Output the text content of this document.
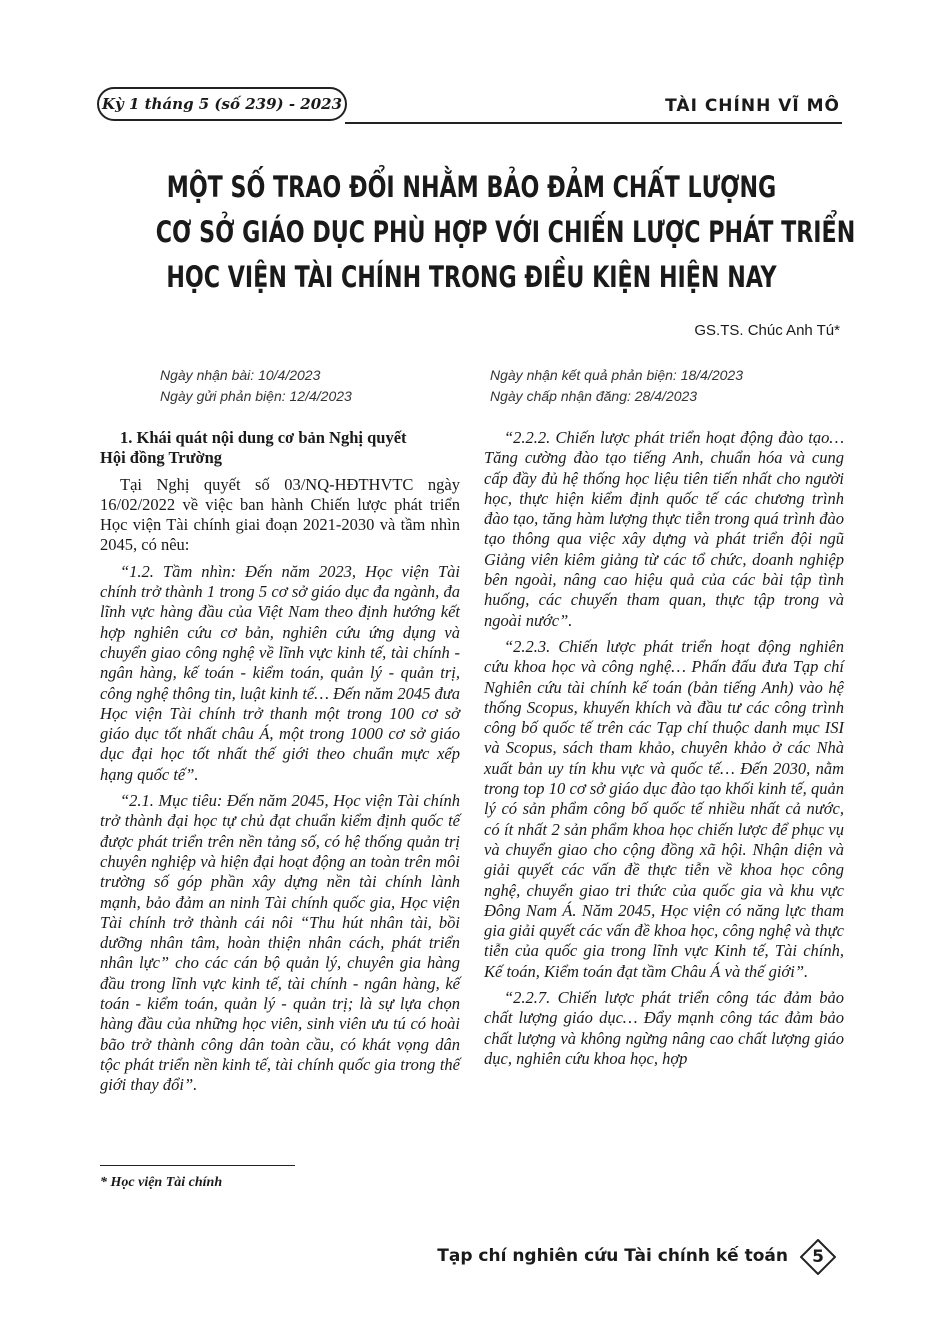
Kỳ 1 tháng 5 (số 239) - 2023	TÀI CHÍNH VĨ MÔ
MỘT SỐ TRAO ĐỔI NHẰM BẢO ĐẢM CHẤT LƯỢNG
CƠ SỞ GIÁO DỤC PHÙ HỢP VỚI CHIẾN LƯỢC PHÁT TRIỂN
HỌC VIỆN TÀI CHÍNH TRONG ĐIỀU KIỆN HIỆN NAY
GS.TS. Chúc Anh Tú*
Ngày nhận bài: 10/4/2023
Ngày gửi phản biện: 12/4/2023
Ngày nhận kết quả phản biện: 18/4/2023
Ngày chấp nhận đăng: 28/4/2023
1. Khái quát nội dung cơ bản Nghị quyết
Hội đồng Trường

Tại Nghị quyết số 03/NQ-HĐTHVTC ngày 16/02/2022 về việc ban hành Chiến lược phát triển Học viện Tài chính giai đoạn 2021-2030 và tầm nhìn 2045, có nêu:

“1.2. Tầm nhìn: Đến năm 2023, Học viện Tài chính trở thành 1 trong 5 cơ sở giáo dục đa ngành, đa lĩnh vực hàng đầu của Việt Nam theo định hướng kết hợp nghiên cứu cơ bản, nghiên cứu ứng dụng và chuyển giao công nghệ về lĩnh vực kinh tế, tài chính - ngân hàng, kế toán - kiểm toán, quản lý - quản trị, công nghệ thông tin, luật kinh tế… Đến năm 2045 đưa Học viện Tài chính trở thanh một trong 100 cơ sở giáo dục tốt nhất châu Á, một trong 1000 cơ sở giáo dục đại học tốt nhất thế giới theo chuẩn mực xếp hạng quốc tế”.

“2.1. Mục tiêu: Đến năm 2045, Học viện Tài chính trở thành đại học tự chủ đạt chuẩn kiểm định quốc tế được phát triển trên nền tảng số, có hệ thống quản trị chuyên nghiệp và hiện đại hoạt động an toàn trên môi trường số góp phần xây dựng nền tài chính lành mạnh, bảo đảm an ninh Tài chính quốc gia, Học viện Tài chính trở thành cái nôi “Thu hút nhân tài, bồi dưỡng nhân tâm, hoàn thiện nhân cách, phát triển nhân lực” cho các cán bộ quản lý, chuyên gia hàng đầu trong lĩnh vực kinh tế, tài chính - ngân hàng, kế toán - kiểm toán, quản lý - quản trị; là sự lựa chọn hàng đầu của những học viên, sinh viên ưu tú có hoài bão trở thành công dân toàn cầu, có khát vọng dân tộc phát triển nền kinh tế, tài chính quốc gia trong thế giới thay đổi”.

“2.2.2. Chiến lược phát triển hoạt động đào tạo… Tăng cường đào tạo tiếng Anh, chuẩn hóa và cung cấp đầy đủ hệ thống học liệu tiên tiến nhất cho người học, thực hiện kiểm định quốc tế các chương trình đào tạo, tăng hàm lượng thực tiễn trong quá trình đào tạo thông qua việc xây dựng và phát triển đội ngũ Giảng viên kiêm giảng từ các tổ chức, doanh nghiệp bên ngoài, nâng cao hiệu quả của các bài tập tình huống, các chuyến tham quan, thực tập trong và ngoài nước”.

“2.2.3. Chiến lược phát triển hoạt động nghiên cứu khoa học và công nghệ… Phấn đấu đưa Tạp chí Nghiên cứu tài chính kế toán (bản tiếng Anh) vào hệ thống Scopus, khuyến khích và đầu tư các công trình công bố quốc tế trên các Tạp chí thuộc danh mục ISI và Scopus, sách tham khảo, chuyên khảo ở các Nhà xuất bản uy tín khu vực và quốc tế… Đến 2030, nằm trong top 10 cơ sở giáo dục đào tạo khối kinh tế, quản lý có sản phẩm công bố quốc tế nhiều nhất cả nước, có ít nhất 2 sản phẩm khoa học chiến lược để phục vụ và chuyển giao cho cộng đồng xã hội. Nhận diện và giải quyết các vấn đề thực tiễn về khoa học công nghệ, chuyển giao tri thức của quốc gia và khu vực Đông Nam Á. Năm 2045, Học viện có năng lực tham gia giải quyết các vấn đề khoa học, công nghệ và thực tiễn của quốc gia trong lĩnh vực Kinh tế, Tài chính, Kế toán, Kiểm toán đạt tầm Châu Á và thế giới”.

“2.2.7. Chiến lược phát triển công tác đảm bảo chất lượng giáo dục… Đẩy mạnh công tác đảm bảo chất lượng và không ngừng nâng cao chất lượng giáo dục, nghiên cứu khoa học, hợp

* Học viện Tài chính
Tạp chí nghiên cứu Tài chính kế toán	5
